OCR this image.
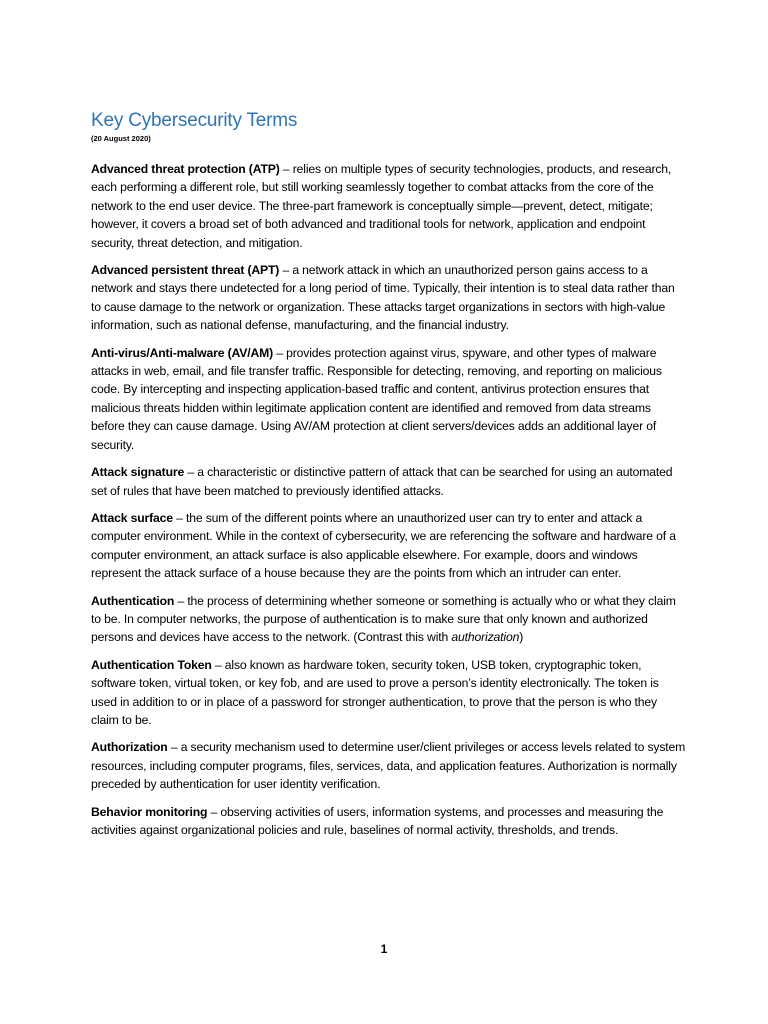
Key Cybersecurity Terms

(20 August 2020)

Advanced threat protection (ATP) – relies on multiple types of security technologies, products, and research, each performing a different role, but still working seamlessly together to combat attacks from the core of the network to the end user device. The three-part framework is conceptually simple—prevent, detect, mitigate; however, it covers a broad set of both advanced and traditional tools for network, application and endpoint security, threat detection, and mitigation.

Advanced persistent threat (APT) – a network attack in which an unauthorized person gains access to a network and stays there undetected for a long period of time. Typically, their intention is to steal data rather than to cause damage to the network or organization. These attacks target organizations in sectors with high-value information, such as national defense, manufacturing, and the financial industry.

Anti-virus/Anti-malware (AV/AM) – provides protection against virus, spyware, and other types of malware attacks in web, email, and file transfer traffic. Responsible for detecting, removing, and reporting on malicious code. By intercepting and inspecting application-based traffic and content, antivirus protection ensures that malicious threats hidden within legitimate application content are identified and removed from data streams before they can cause damage. Using AV/AM protection at client servers/devices adds an additional layer of security.

Attack signature – a characteristic or distinctive pattern of attack that can be searched for using an automated set of rules that have been matched to previously identified attacks.

Attack surface – the sum of the different points where an unauthorized user can try to enter and attack a computer environment. While in the context of cybersecurity, we are referencing the software and hardware of a computer environment, an attack surface is also applicable elsewhere. For example, doors and windows represent the attack surface of a house because they are the points from which an intruder can enter.

Authentication – the process of determining whether someone or something is actually who or what they claim to be. In computer networks, the purpose of authentication is to make sure that only known and authorized persons and devices have access to the network. (Contrast this with authorization)

Authentication Token – also known as hardware token, security token, USB token, cryptographic token, software token, virtual token, or key fob, and are used to prove a person’s identity electronically. The token is used in addition to or in place of a password for stronger authentication, to prove that the person is who they claim to be.

Authorization – a security mechanism used to determine user/client privileges or access levels related to system resources, including computer programs, files, services, data, and application features. Authorization is normally preceded by authentication for user identity verification.

Behavior monitoring – observing activities of users, information systems, and processes and measuring the activities against organizational policies and rule, baselines of normal activity, thresholds, and trends.

1
